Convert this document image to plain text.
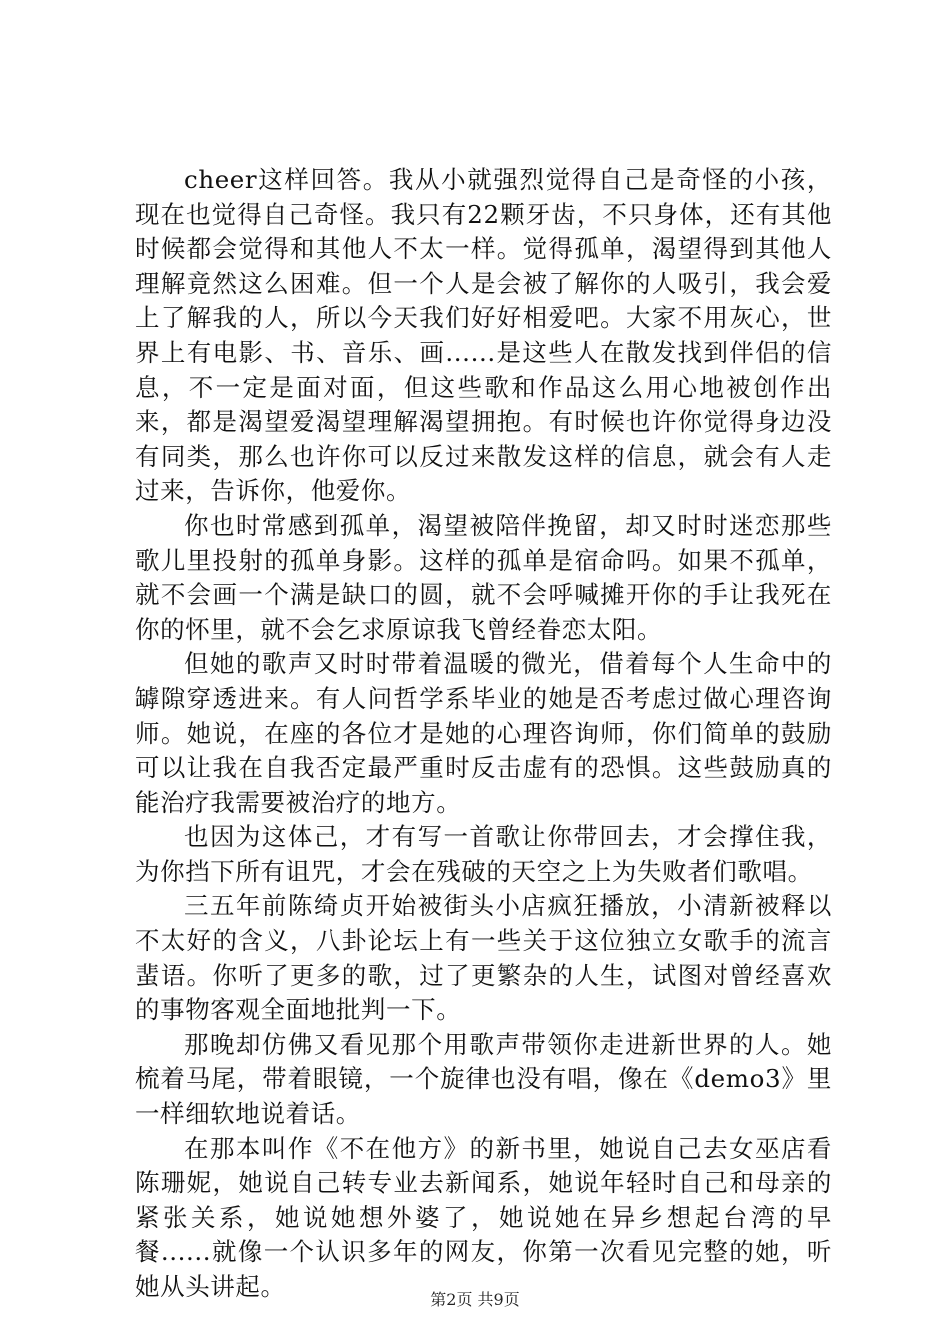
cheer这样回答。我从小就强烈觉得自己是奇怪的小孩，现在也觉得自己奇怪。我只有22颗牙齿，不只身体，还有其他时候都会觉得和其他人不太一样。觉得孤单，渴望得到其他人理解竟然这么困难。但一个人是会被了解你的人吸引，我会爱上了解我的人，所以今天我们好好相爱吧。大家不用灰心，世界上有电影、书、音乐、画......是这些人在散发找到伴侣的信息，不一定是面对面，但这些歌和作品这么用心地被创作出来，都是渴望爱渴望理解渴望拥抱。有时候也许你觉得身边没有同类，那么也许你可以反过来散发这样的信息，就会有人走过来，告诉你，他爱你。

你也时常感到孤单，渴望被陪伴挽留，却又时时迷恋那些歌儿里投射的孤单身影。这样的孤单是宿命吗。如果不孤单，就不会画一个满是缺口的圆，就不会呼喊摊开你的手让我死在你的怀里，就不会乞求原谅我飞曾经眷恋太阳。

但她的歌声又时时带着温暖的微光，借着每个人生命中的罅隙穿透进来。有人问哲学系毕业的她是否考虑过做心理咨询师。她说，在座的各位才是她的心理咨询师，你们简单的鼓励可以让我在自我否定最严重时反击虚有的恐惧。这些鼓励真的能治疗我需要被治疗的地方。

也因为这体己，才有写一首歌让你带回去，才会撑住我，为你挡下所有诅咒，才会在残破的天空之上为失败者们歌唱。

三五年前陈绮贞开始被街头小店疯狂播放，小清新被释以不太好的含义，八卦论坛上有一些关于这位独立女歌手的流言蜚语。你听了更多的歌，过了更繁杂的人生，试图对曾经喜欢的事物客观全面地批判一下。

那晚却仿佛又看见那个用歌声带领你走进新世界的人。她梳着马尾，带着眼镜，一个旋律也没有唱，像在《demo3》里一样细软地说着话。

在那本叫作《不在他方》的新书里，她说自己去女巫店看陈珊妮，她说自己转专业去新闻系，她说年轻时自己和母亲的紧张关系，她说她想外婆了，她说她在异乡想起台湾的早餐......就像一个认识多年的网友，你第一次看见完整的她，听她从头讲起。	第2页 共9页
